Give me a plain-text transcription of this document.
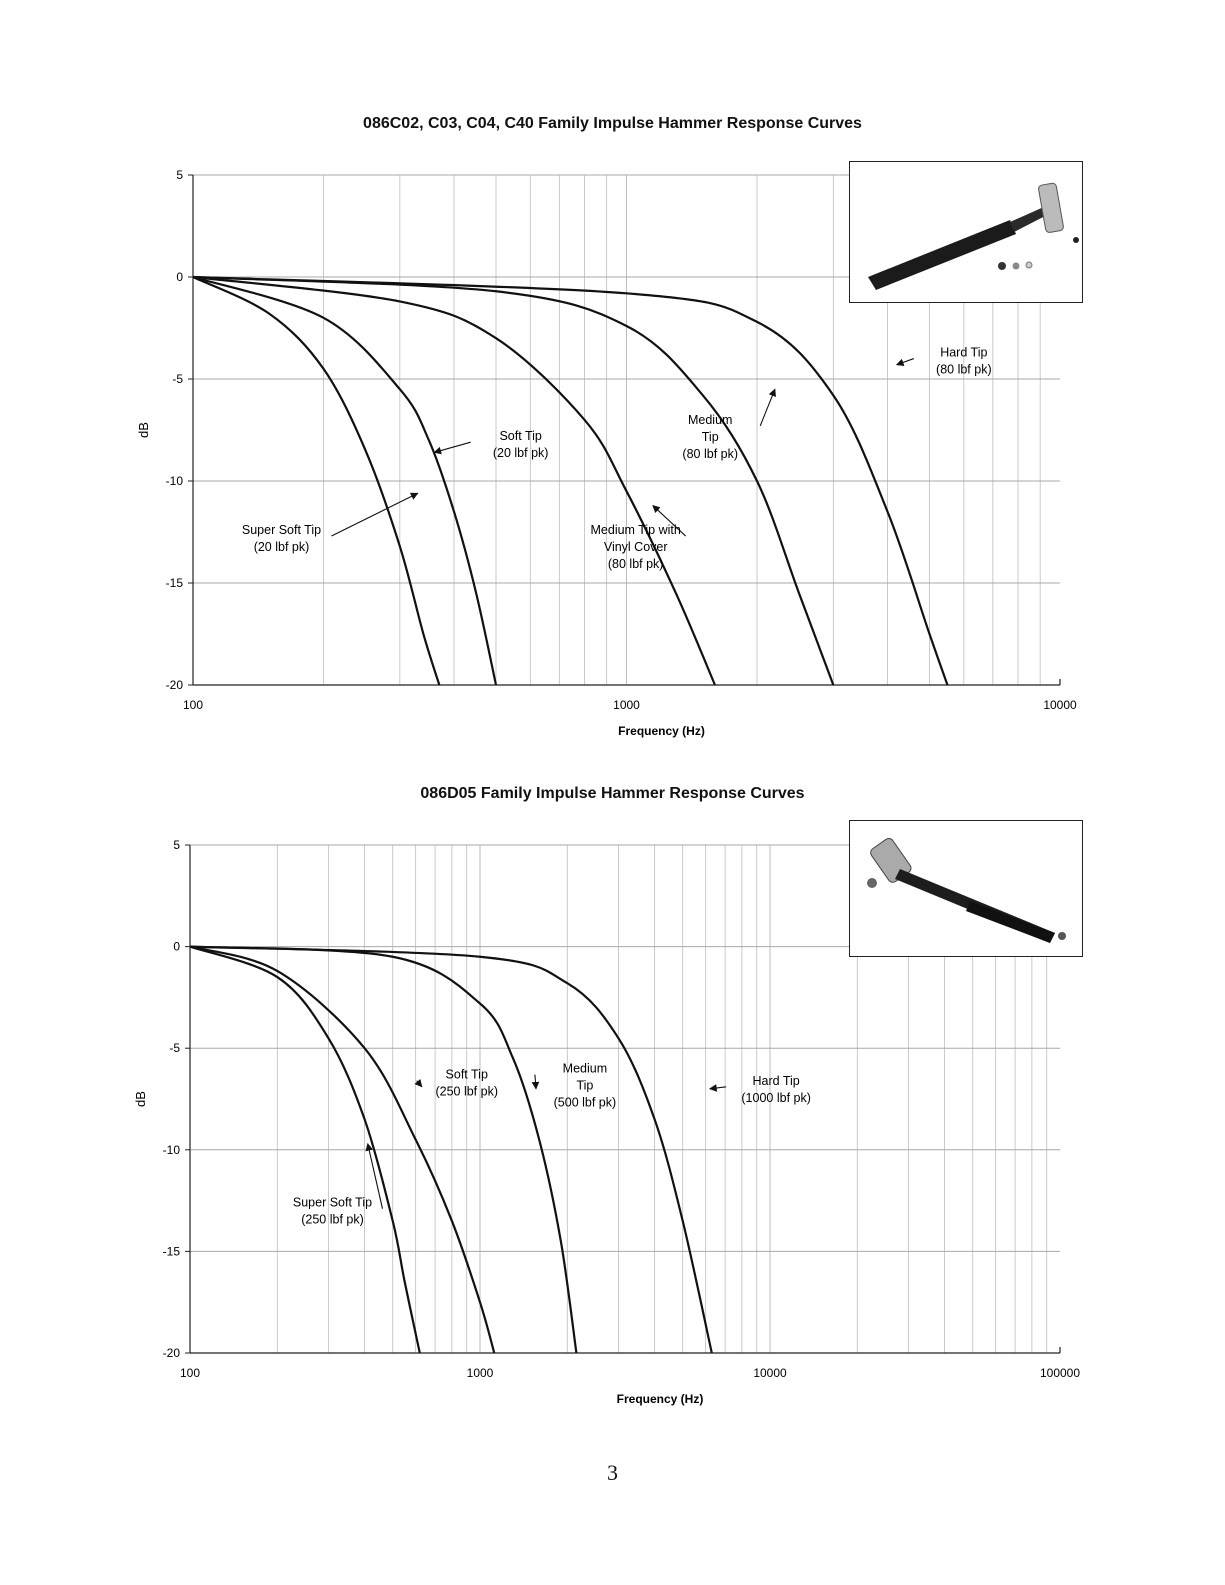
086C02, C03, C04, C40 Family Impulse Hammer Response Curves
5
0
-5
-10
-15
-20
100	1000	10000
Frequency (Hz)
dB
Super Soft Tip
(20 lbf pk)
Soft Tip
(20 lbf pk)
Medium Tip with
Vinyl Cover
(80 lbf pk)
Medium
Tip
(80 lbf pk)
Hard Tip
(80 lbf pk)
086D05 Family Impulse Hammer Response Curves
5
0
-5
-10
-15
-20
100	1000	10000	100000
Frequency (Hz)
dB
Super Soft Tip
(250 lbf pk)
Soft Tip
(250 lbf pk)
Medium
Tip
(500 lbf pk)
Hard Tip
(1000 lbf pk)
3
